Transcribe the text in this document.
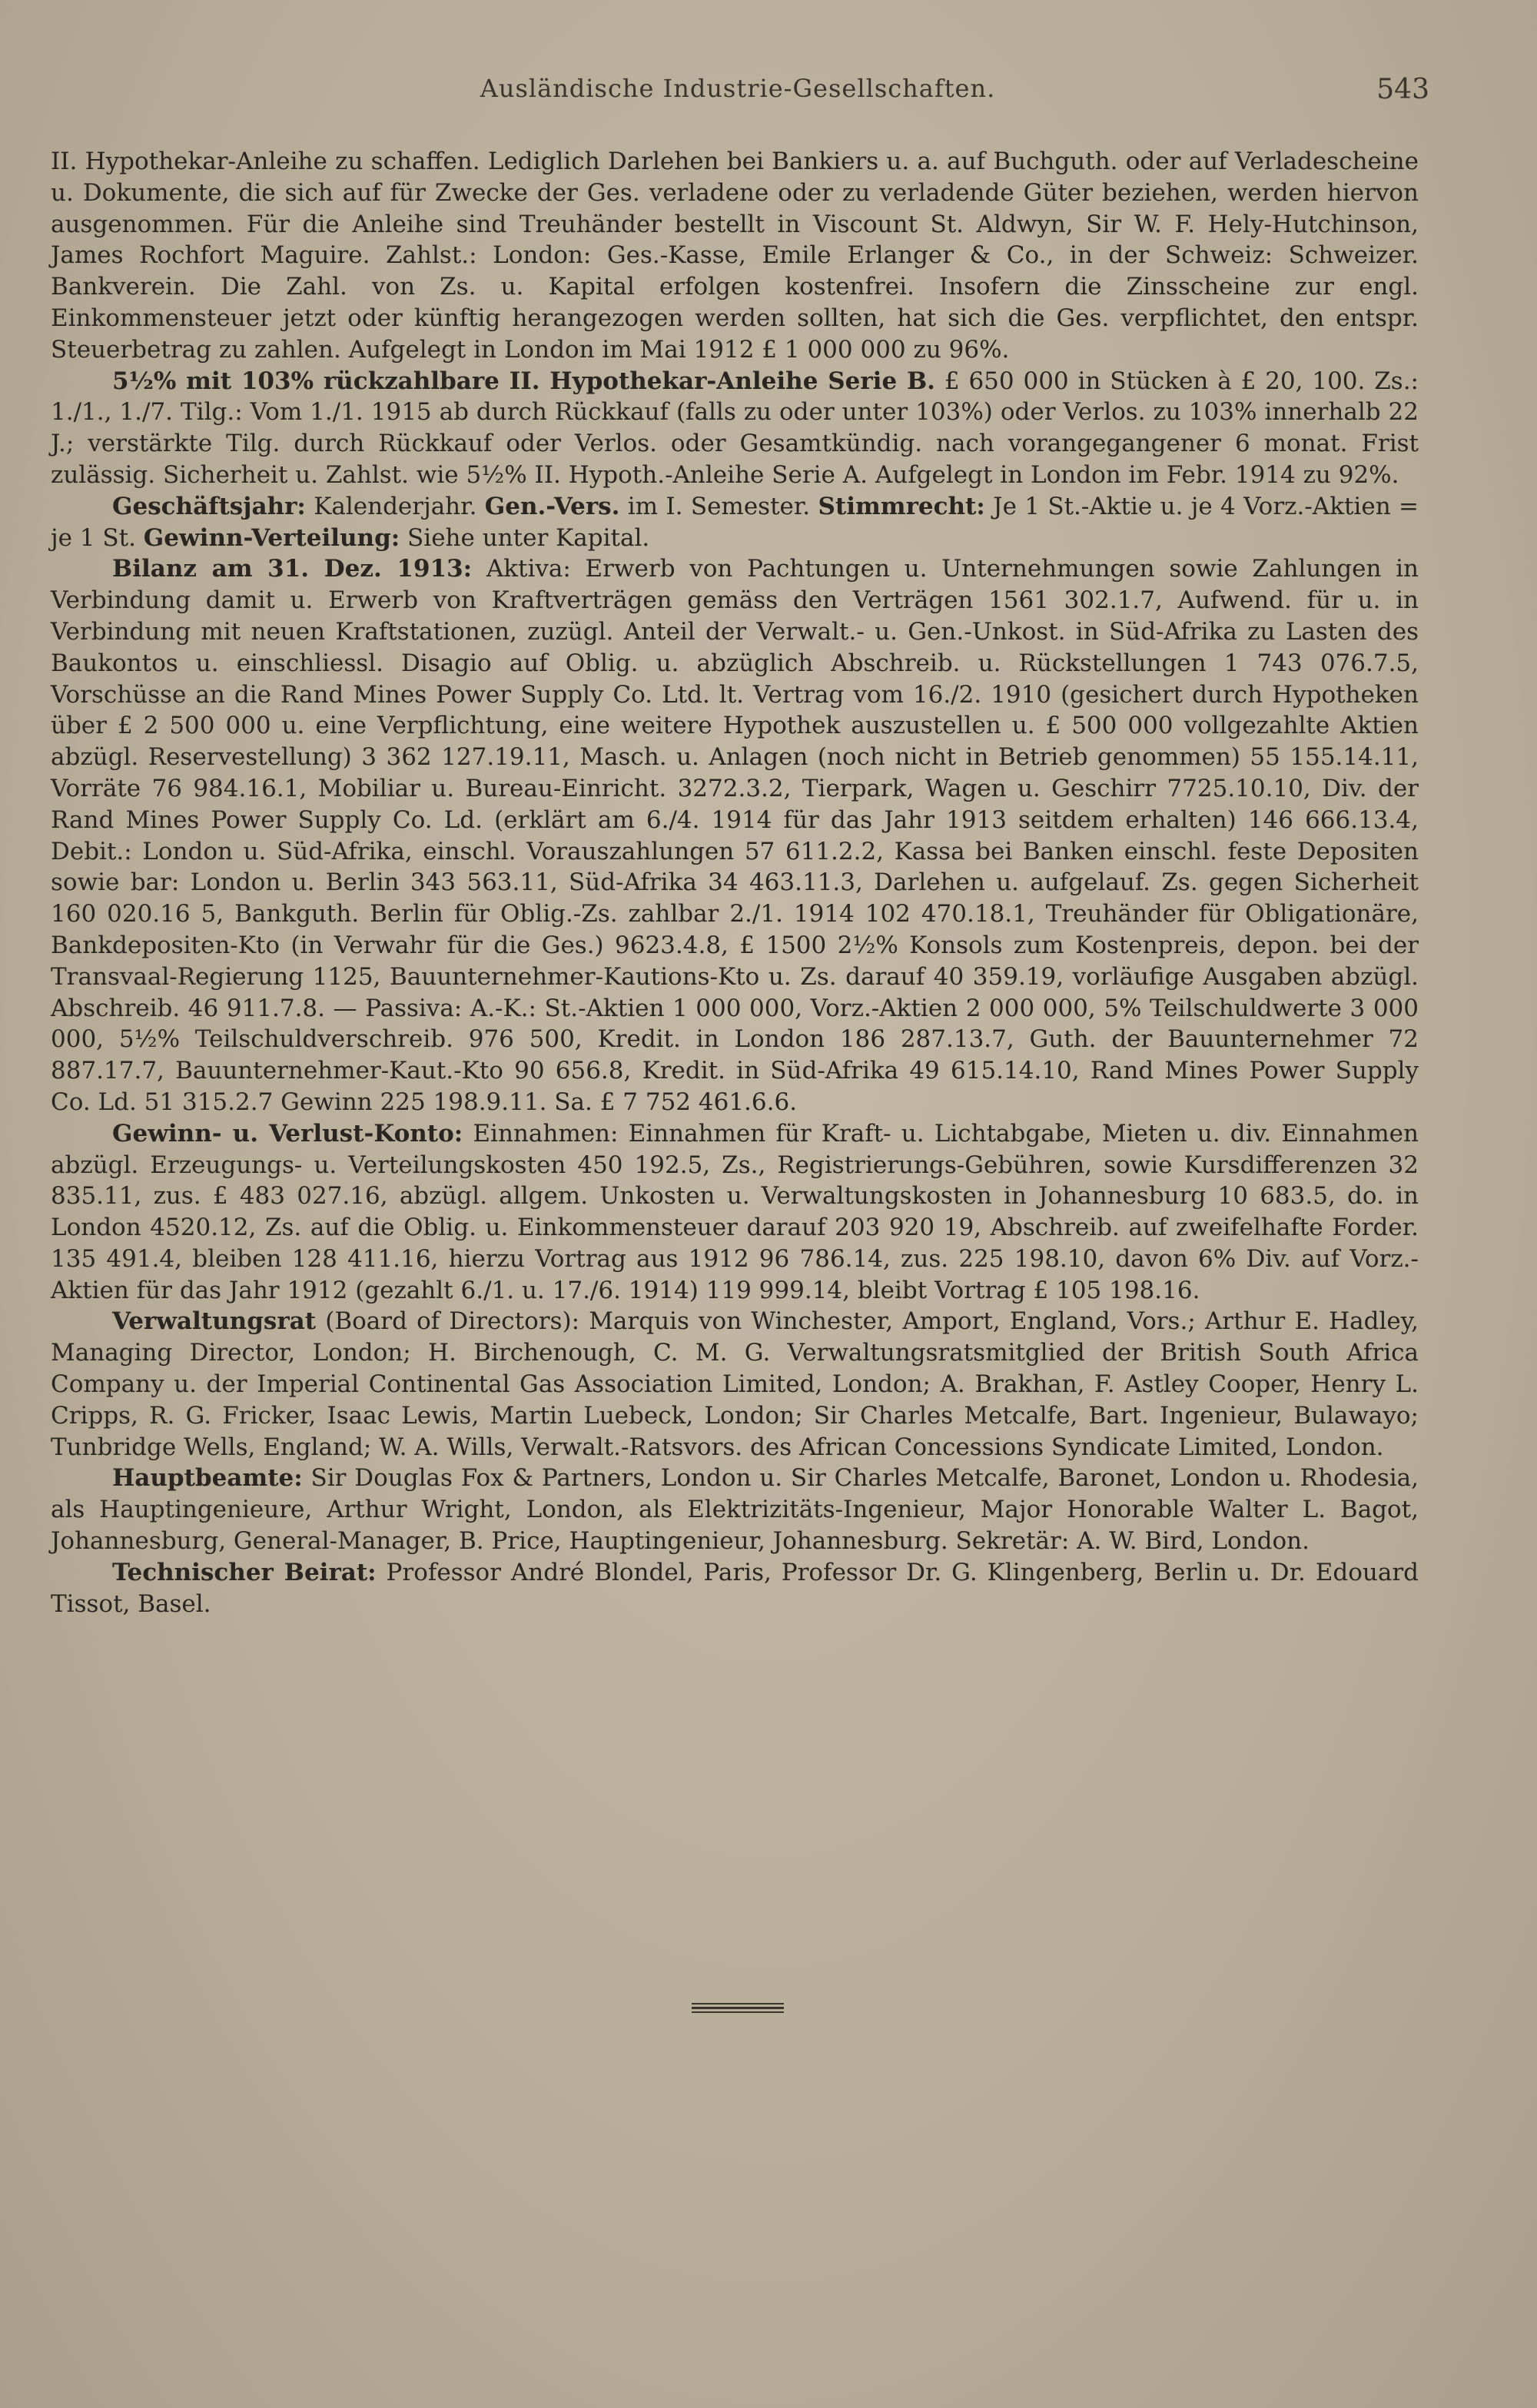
Ausländische Industrie-Gesellschaften.	543

II. Hypothekar-Anleihe zu schaffen. Lediglich Darlehen bei Bankiers u. a. auf Buchguth. oder auf Verladescheine u. Dokumente, die sich auf für Zwecke der Ges. verladene oder zu verladende Güter beziehen, werden hiervon ausgenommen. Für die Anleihe sind Treuhänder bestellt in Viscount St. Aldwyn, Sir W. F. Hely-Hutchinson, James Rochfort Maguire. Zahlst.: London: Ges.-Kasse, Emile Erlanger & Co., in der Schweiz: Schweizer. Bankverein. Die Zahl. von Zs. u. Kapital erfolgen kostenfrei. Insofern die Zinsscheine zur engl. Einkommensteuer jetzt oder künftig herangezogen werden sollten, hat sich die Ges. verpflichtet, den entspr. Steuerbetrag zu zahlen. Aufgelegt in London im Mai 1912 £ 1 000 000 zu 96%.

5½% mit 103% rückzahlbare II. Hypothekar-Anleihe Serie B. £ 650 000 in Stücken à £ 20, 100. Zs.: 1./1., 1./7. Tilg.: Vom 1./1. 1915 ab durch Rückkauf (falls zu oder unter 103%) oder Verlos. zu 103% innerhalb 22 J.; verstärkte Tilg. durch Rückkauf oder Verlos. oder Gesamtkündig. nach vorangegangener 6 monat. Frist zulässig. Sicherheit u. Zahlst. wie 5½% II. Hypoth.-Anleihe Serie A. Aufgelegt in London im Febr. 1914 zu 92%.

Geschäftsjahr: Kalenderjahr. Gen.-Vers. im I. Semester. Stimmrecht: Je 1 St.-Aktie u. je 4 Vorz.-Aktien = je 1 St. Gewinn-Verteilung: Siehe unter Kapital.

Bilanz am 31. Dez. 1913: Aktiva: Erwerb von Pachtungen u. Unternehmungen sowie Zahlungen in Verbindung damit u. Erwerb von Kraftverträgen gemäss den Verträgen 1561 302.1.7, Aufwend. für u. in Verbindung mit neuen Kraftstationen, zuzügl. Anteil der Verwalt.- u. Gen.-Unkost. in Süd-Afrika zu Lasten des Baukontos u. einschliessl. Disagio auf Oblig. u. abzüglich Abschreib. u. Rückstellungen 1 743 076.7.5, Vorschüsse an die Rand Mines Power Supply Co. Ltd. lt. Vertrag vom 16./2. 1910 (gesichert durch Hypotheken über £ 2 500 000 u. eine Verpflichtung, eine weitere Hypothek auszustellen u. £ 500 000 vollgezahlte Aktien abzügl. Reservestellung) 3 362 127.19.11, Masch. u. Anlagen (noch nicht in Betrieb genommen) 55 155.14.11, Vorräte 76 984.16.1, Mobiliar u. Bureau-Einricht. 3272.3.2, Tierpark, Wagen u. Geschirr 7725.10.10, Div. der Rand Mines Power Supply Co. Ld. (erklärt am 6./4. 1914 für das Jahr 1913 seitdem erhalten) 146 666.13.4, Debit.: London u. Süd-Afrika, einschl. Vorauszahlungen 57 611.2.2, Kassa bei Banken einschl. feste Depositen sowie bar: London u. Berlin 343 563.11, Süd-Afrika 34 463.11.3, Darlehen u. aufgelauf. Zs. gegen Sicherheit 160 020.16 5, Bankguth. Berlin für Oblig.-Zs. zahlbar 2./1. 1914 102 470.18.1, Treuhänder für Obligationäre, Bankdepositen-Kto (in Verwahr für die Ges.) 9623.4.8, £ 1500 2½% Konsols zum Kostenpreis, depon. bei der Transvaal-Regierung 1125, Bauunternehmer-Kautions-Kto u. Zs. darauf 40 359.19, vorläufige Ausgaben abzügl. Abschreib. 46 911.7.8. — Passiva: A.-K.: St.-Aktien 1 000 000, Vorz.-Aktien 2 000 000, 5% Teilschuldwerte 3 000 000, 5½% Teilschuldverschreib. 976 500, Kredit. in London 186 287.13.7, Guth. der Bauunternehmer 72 887.17.7, Bauunternehmer-Kaut.-Kto 90 656.8, Kredit. in Süd-Afrika 49 615.14.10, Rand Mines Power Supply Co. Ld. 51 315.2.7 Gewinn 225 198.9.11. Sa. £ 7 752 461.6.6.

Gewinn- u. Verlust-Konto: Einnahmen: Einnahmen für Kraft- u. Lichtabgabe, Mieten u. div. Einnahmen abzügl. Erzeugungs- u. Verteilungskosten 450 192.5, Zs., Registrierungs-Gebühren, sowie Kursdifferenzen 32 835.11, zus. £ 483 027.16, abzügl. allgem. Unkosten u. Verwaltungskosten in Johannesburg 10 683.5, do. in London 4520.12, Zs. auf die Oblig. u. Einkommensteuer darauf 203 920 19, Abschreib. auf zweifelhafte Forder. 135 491.4, bleiben 128 411.16, hierzu Vortrag aus 1912 96 786.14, zus. 225 198.10, davon 6% Div. auf Vorz.-Aktien für das Jahr 1912 (gezahlt 6./1. u. 17./6. 1914) 119 999.14, bleibt Vortrag £ 105 198.16.

Verwaltungsrat (Board of Directors): Marquis von Winchester, Amport, England, Vors.; Arthur E. Hadley, Managing Director, London; H. Birchenough, C. M. G. Verwaltungsratsmitglied der British South Africa Company u. der Imperial Continental Gas Association Limited, London; A. Brakhan, F. Astley Cooper, Henry L. Cripps, R. G. Fricker, Isaac Lewis, Martin Luebeck, London; Sir Charles Metcalfe, Bart. Ingenieur, Bulawayo; Tunbridge Wells, England; W. A. Wills, Verwalt.-Ratsvors. des African Concessions Syndicate Limited, London.

Hauptbeamte: Sir Douglas Fox & Partners, London u. Sir Charles Metcalfe, Baronet, London u. Rhodesia, als Hauptingenieure, Arthur Wright, London, als Elektrizitäts-Ingenieur, Major Honorable Walter L. Bagot, Johannesburg, General-Manager, B. Price, Hauptingenieur, Johannesburg. Sekretär: A. W. Bird, London.

Technischer Beirat: Professor André Blondel, Paris, Professor Dr. G. Klingenberg, Berlin u. Dr. Edouard Tissot, Basel.
